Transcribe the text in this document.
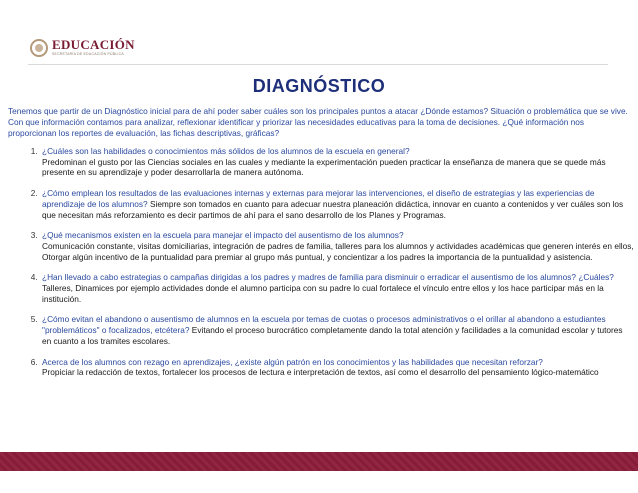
EDUCACIÓN
SECRETARÍA DE EDUCACIÓN PÚBLICA
DIAGNÓSTICO
Tenemos que partir de un Diagnóstico inicial para de ahí poder saber cuáles son los principales puntos a atacar ¿Dónde estamos? Situación o problemática que se vive. Con que información contamos para analizar, reflexionar identificar y priorizar las necesidades educativas para la toma de decisiones. ¿Qué información nos proporcionan los reportes de evaluación, las fichas descriptivas, gráficas?
1. ¿Cuáles son las habilidades o conocimientos más sólidos de los alumnos de la escuela en general?
Predominan el gusto por las Ciencias sociales en las cuales y mediante la experimentación pueden practicar la enseñanza de manera que se quede más presente en su aprendizaje y poder desarrollarla de manera autónoma.
2. ¿Cómo emplean los resultados de las evaluaciones internas y externas para mejorar las intervenciones, el diseño de estrategias y las experiencias de aprendizaje de los alumnos? Siempre son tomados en cuanto para adecuar nuestra planeación didáctica, innovar en cuanto a contenidos y ver cuáles son los que necesitan más reforzamiento es decir partimos de ahí para el sano desarrollo de los Planes y Programas.
3. ¿Qué mecanismos existen en la escuela para manejar el impacto del ausentismo de los alumnos?
Comunicación constante, visitas domiciliarias, integración de padres de familia, talleres para los alumnos y actividades académicas que generen interés en ellos, Otorgar algún incentivo de la puntualidad para premiar al grupo más puntual, y concientizar a los padres la importancia de la puntualidad y asistencia.
4. ¿Han llevado a cabo estrategias o campañas dirigidas a los padres y madres de familia para disminuir o erradicar el ausentismo de los alumnos? ¿Cuáles? Talleres, Dinamices por ejemplo actividades donde el alumno participa con su padre lo cual fortalece el vínculo entre ellos y los hace participar más en la institución.
5. ¿Cómo evitan el abandono o ausentismo de alumnos en la escuela por temas de cuotas o procesos administrativos o el orillar al abandono a estudiantes "problemáticos" o focalizados, etcétera? Evitando el proceso burocrático completamente dando la total atención y facilidades a la comunidad escolar y tutores en cuanto a los tramites escolares.
6. Acerca de los alumnos con rezago en aprendizajes, ¿existe algún patrón en los conocimientos y las habilidades que necesitan reforzar?
Propiciar la redacción de textos, fortalecer los procesos de lectura e interpretación de textos, así como el desarrollo del pensamiento lógico-matemático
